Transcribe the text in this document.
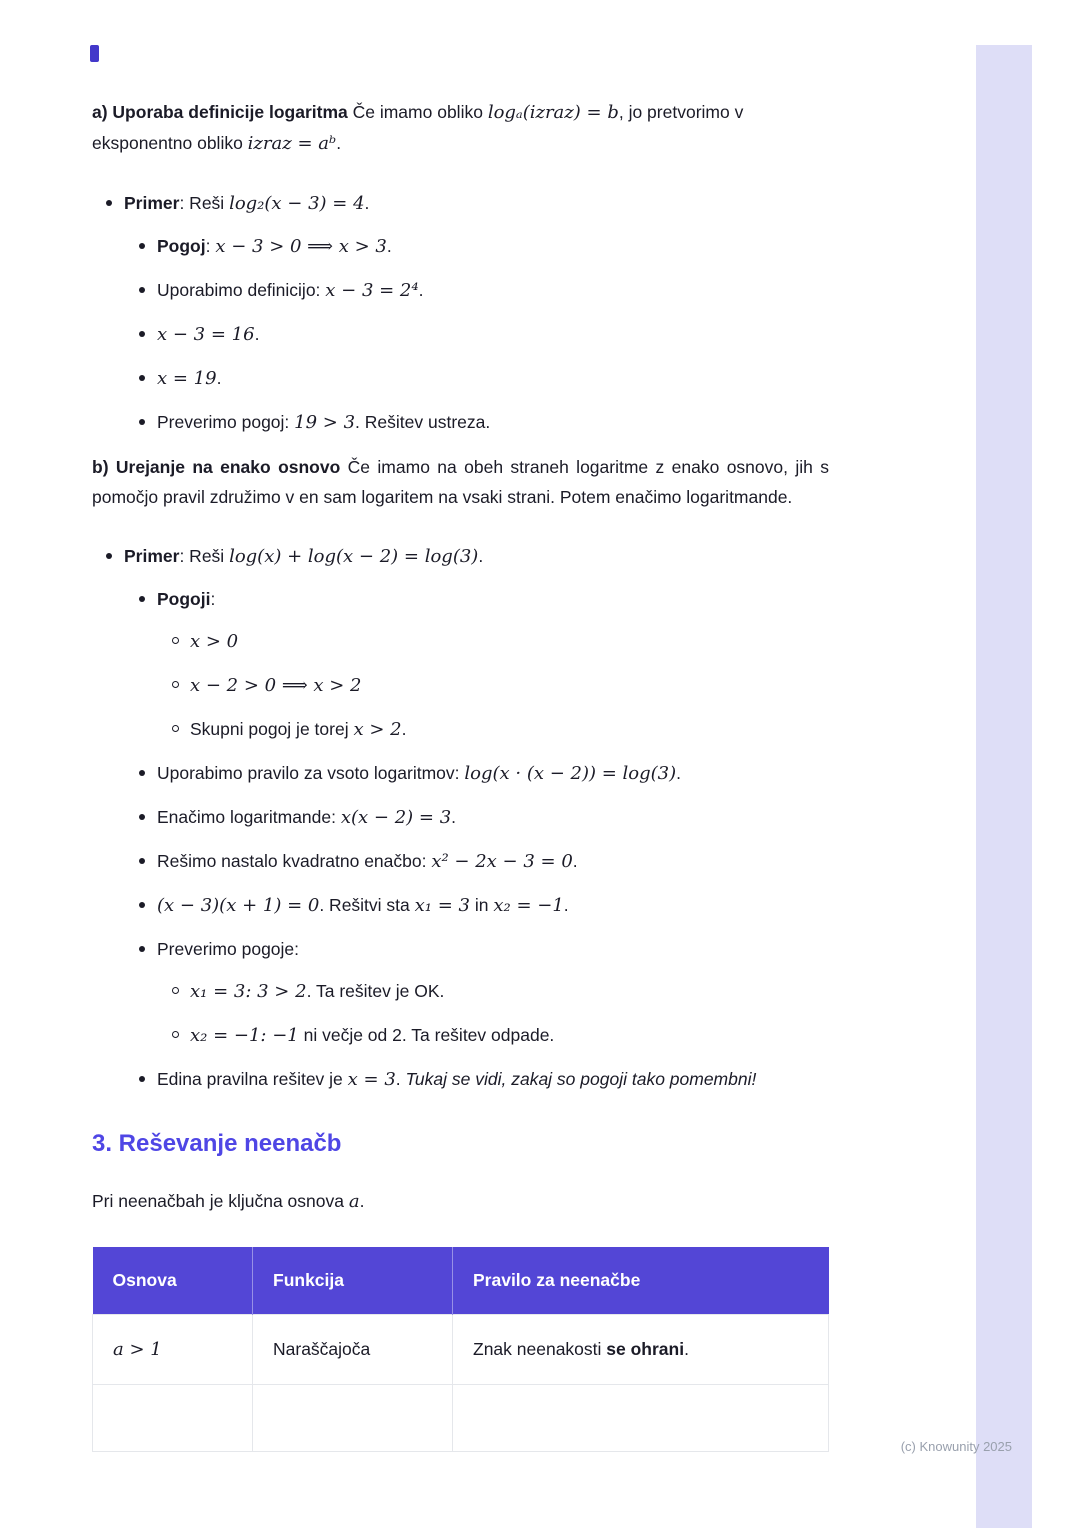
(c) Knowunity 2025

a) Uporaba definicije logaritma Če imamo obliko logₐ(izraz) = b, jo pretvorimo v eksponentno obliko izraz = aᵇ.

Primer: Reši log₂(x − 3) = 4.
Pogoj: x − 3 > 0 ⟹ x > 3.
Uporabimo definicijo: x − 3 = 2⁴.
x − 3 = 16.
x = 19.
Preverimo pogoj: 19 > 3. Rešitev ustreza.

b) Urejanje na enako osnovo Če imamo na obeh straneh logaritme z enako osnovo, jih s pomočjo pravil združimo v en sam logaritem na vsaki strani. Potem enačimo logaritmande.

Primer: Reši log(x) + log(x − 2) = log(3).
Pogoji:
x > 0
x − 2 > 0 ⟹ x > 2
Skupni pogoj je torej x > 2.
Uporabimo pravilo za vsoto logaritmov: log(x · (x − 2)) = log(3).
Enačimo logaritmande: x(x − 2) = 3.
Rešimo nastalo kvadratno enačbo: x² − 2x − 3 = 0.
(x − 3)(x + 1) = 0. Rešitvi sta x₁ = 3 in x₂ = −1.
Preverimo pogoje:
x₁ = 3: 3 > 2. Ta rešitev je OK.
x₂ = −1: −1 ni večje od 2. Ta rešitev odpade.
Edina pravilna rešitev je x = 3. Tukaj se vidi, zakaj so pogoji tako pomembni!
3. Reševanje neenačb

Pri neenačbah je ključna osnova a.

Osnova	Funkcija	Pravilo za neenačbe
a > 1	Naraščajoča	Znak neenakosti se ohrani.
